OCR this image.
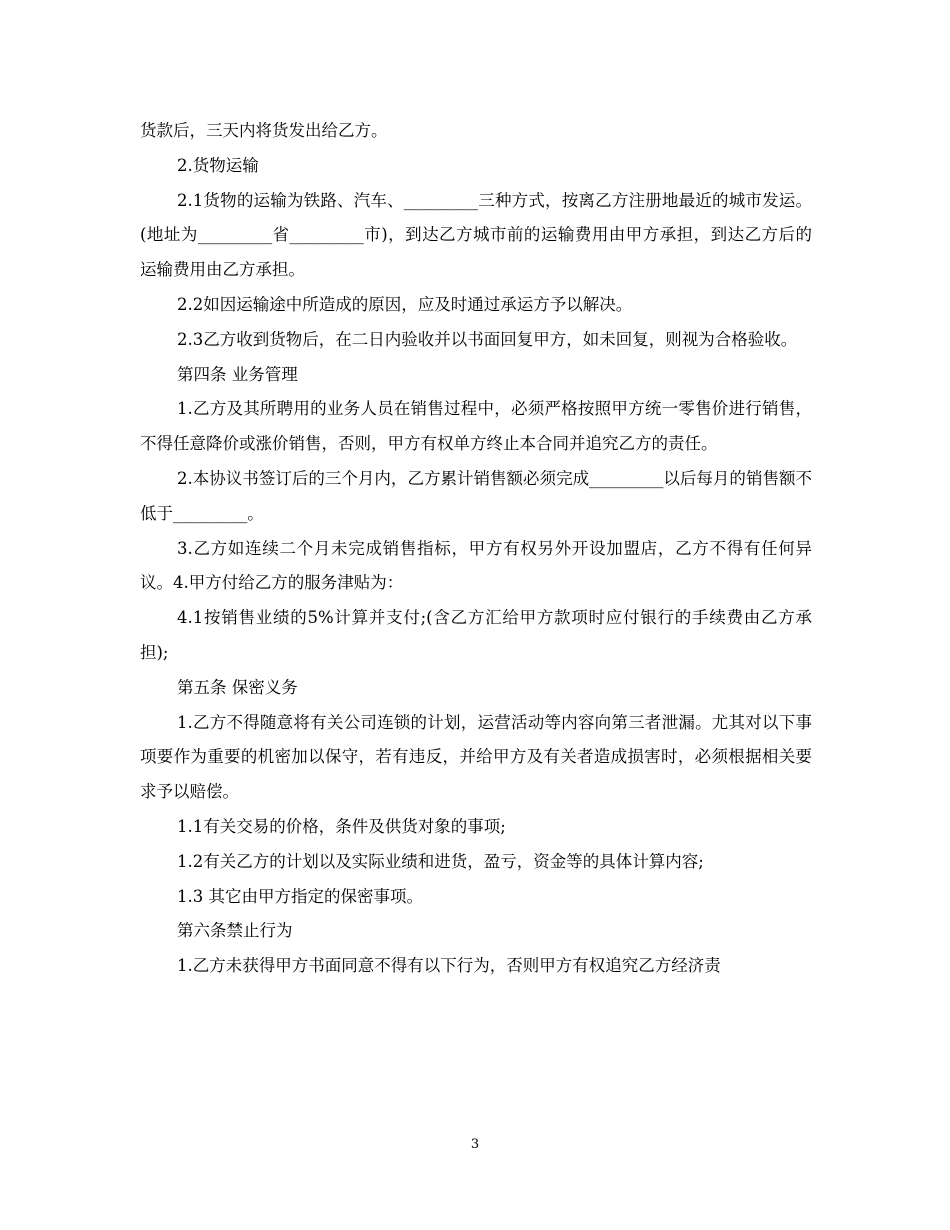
货款后，三天内将货发出给乙方。

2.货物运输

2.1货物的运输为铁路、汽车、_________三种方式，按离乙方注册地最近的城市发运。(地址为_________省_________市)，到达乙方城市前的运输费用由甲方承担，到达乙方后的运输费用由乙方承担。

2.2如因运输途中所造成的原因，应及时通过承运方予以解决。

2.3乙方收到货物后，在二日内验收并以书面回复甲方，如未回复，则视为合格验收。

第四条 业务管理

1.乙方及其所聘用的业务人员在销售过程中，必须严格按照甲方统一零售价进行销售，不得任意降价或涨价销售，否则，甲方有权单方终止本合同并追究乙方的责任。

2.本协议书签订后的三个月内，乙方累计销售额必须完成_________以后每月的销售额不低于_________。

3.乙方如连续二个月未完成销售指标，甲方有权另外开设加盟店，乙方不得有任何异议。4.甲方付给乙方的服务津贴为：

4.1按销售业绩的5%计算并支付;(含乙方汇给甲方款项时应付银行的手续费由乙方承担);

第五条 保密义务

1.乙方不得随意将有关公司连锁的计划，运营活动等内容向第三者泄漏。尤其对以下事项要作为重要的机密加以保守，若有违反，并给甲方及有关者造成损害时，必须根据相关要求予以赔偿。

1.1有关交易的价格，条件及供货对象的事项;

1.2有关乙方的计划以及实际业绩和进货，盈亏，资金等的具体计算内容;

1.3 其它由甲方指定的保密事项。

第六条禁止行为

1.乙方未获得甲方书面同意不得有以下行为，否则甲方有权追究乙方经济责

3
